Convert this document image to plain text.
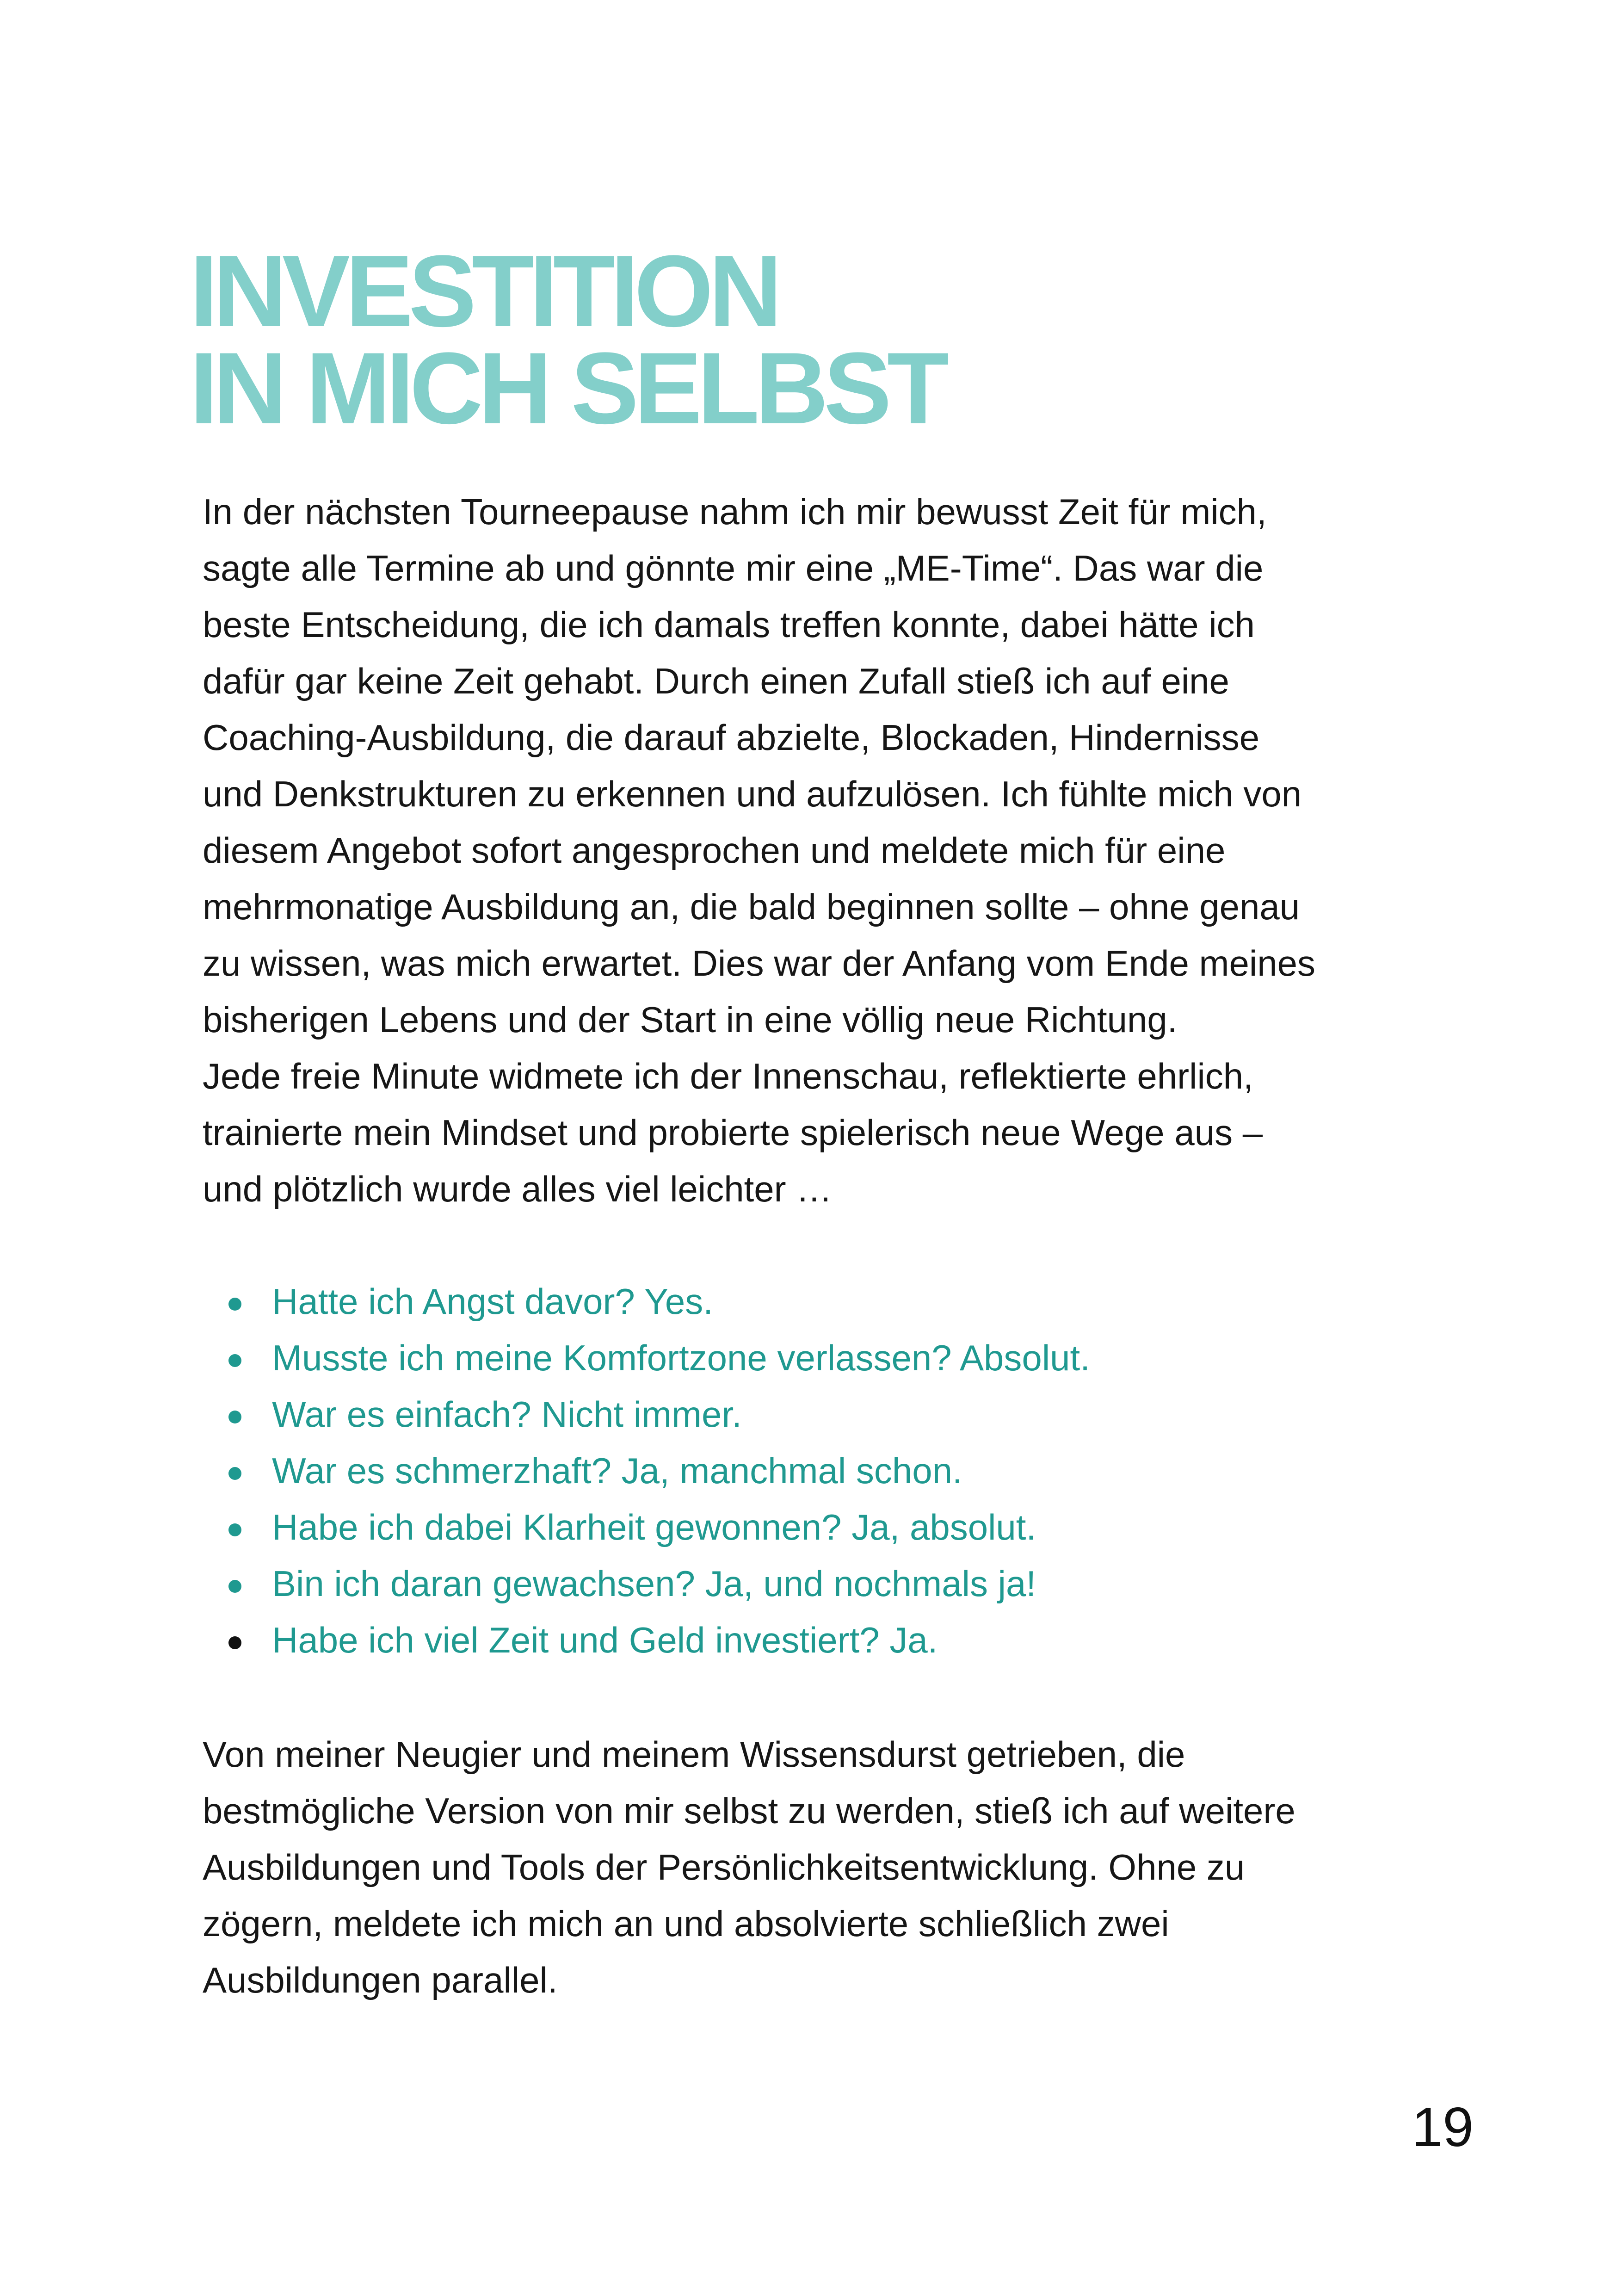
INVESTITION
IN MICH SELBST
In der nächsten Tourneepause nahm ich mir bewusst Zeit für mich,
sagte alle Termine ab und gönnte mir eine „ME-Time“. Das war die
beste Entscheidung, die ich damals treffen konnte, dabei hätte ich
dafür gar keine Zeit gehabt. Durch einen Zufall stieß ich auf eine
Coaching-Ausbildung, die darauf abzielte, Blockaden, Hindernisse
und Denkstrukturen zu erkennen und aufzulösen. Ich fühlte mich von
diesem Angebot sofort angesprochen und meldete mich für eine
mehrmonatige Ausbildung an, die bald beginnen sollte – ohne genau
zu wissen, was mich erwartet. Dies war der Anfang vom Ende meines
bisherigen Lebens und der Start in eine völlig neue Richtung.
Jede freie Minute widmete ich der Innenschau, reflektierte ehrlich,
trainierte mein Mindset und probierte spielerisch neue Wege aus –
und plötzlich wurde alles viel leichter …
Hatte ich Angst davor? Yes.
Musste ich meine Komfortzone verlassen? Absolut.
War es einfach? Nicht immer.
War es schmerzhaft? Ja, manchmal schon.
Habe ich dabei Klarheit gewonnen? Ja, absolut.
Bin ich daran gewachsen? Ja, und nochmals ja!
Habe ich viel Zeit und Geld investiert? Ja.
Von meiner Neugier und meinem Wissensdurst getrieben, die
bestmögliche Version von mir selbst zu werden, stieß ich auf weitere
Ausbildungen und Tools der Persönlichkeitsentwicklung. Ohne zu
zögern, meldete ich mich an und absolvierte schließlich zwei
Ausbildungen parallel.
19
